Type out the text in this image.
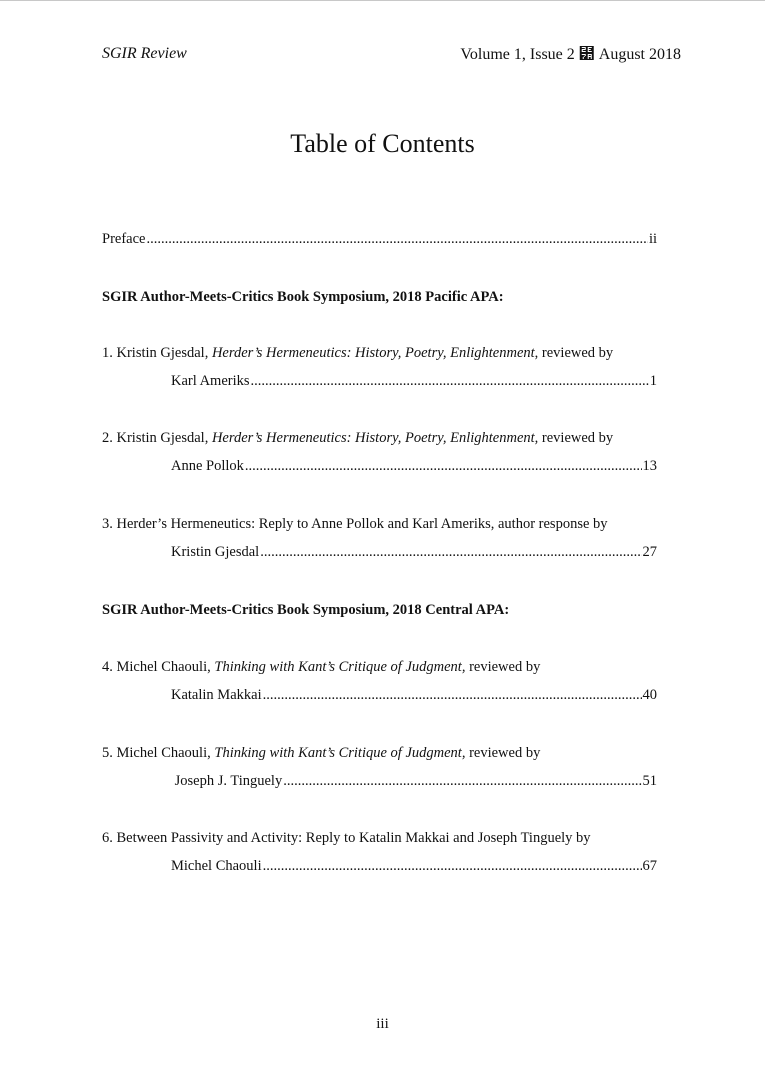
SGIR Review	Volume 1, Issue 2 ⹺ August 2018
Table of Contents
Preface .....	ii
SGIR Author-Meets-Critics Book Symposium, 2018 Pacific APA:
1. Kristin Gjesdal, Herder’s Hermeneutics: History, Poetry, Enlightenment, reviewed by
Karl Ameriks .....	1
2. Kristin Gjesdal, Herder’s Hermeneutics: History, Poetry, Enlightenment, reviewed by
Anne Pollok .....	13
3. Herder’s Hermeneutics: Reply to Anne Pollok and Karl Ameriks, author response by
Kristin Gjesdal .....	27
SGIR Author-Meets-Critics Book Symposium, 2018 Central APA:
4. Michel Chaouli, Thinking with Kant’s Critique of Judgment, reviewed by
Katalin Makkai .....	40
5. Michel Chaouli, Thinking with Kant’s Critique of Judgment, reviewed by
Joseph J. Tinguely .....	51
6. Between Passivity and Activity: Reply to Katalin Makkai and Joseph Tinguely by
Michel Chaouli .....	67
iii
